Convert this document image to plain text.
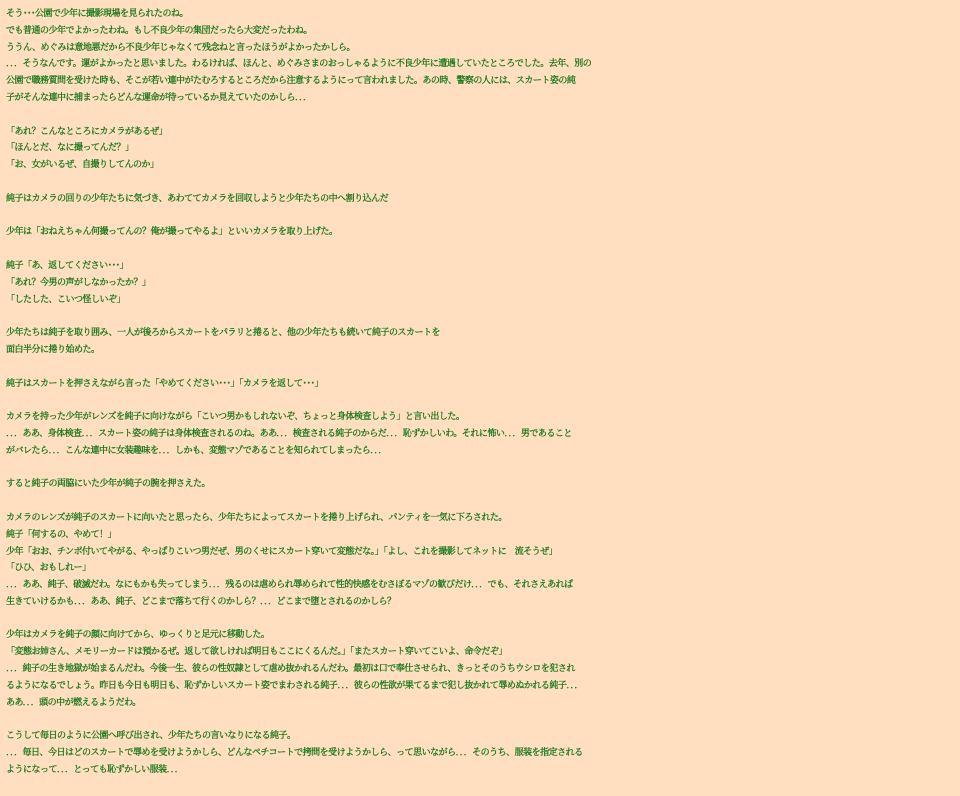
そう･･･公園で少年に撮影現場を見られたのね。
でも普通の少年でよかったわね。もし不良少年の集団だったら大変だったわね。
ううん、めぐみは意地悪だから不良少年じゃなくて残念ねと言ったほうがよかったかしら。
．．．そうなんです。運がよかったと思いました。わるければ、ほんと、めぐみさまのおっしゃるように不良少年に遭遇していたところでした。去年、別の
公園で職務質問を受けた時も、そこが若い連中がたむろするところだから注意するようにって言われました。あの時、警察の人には、スカート姿の純
子がそんな連中に捕まったらどんな運命が待っているか見えていたのかしら．．．
「あれ？こんなところにカメラがあるぜ」
「ほんとだ、なに撮ってんだ？」
「お、女がいるぜ、自撮りしてんのか」
純子はカメラの回りの少年たちに気づき、あわててカメラを回収しようと少年たちの中へ割り込んだ
少年は「おねえちゃん何撮ってんの？俺が撮ってやるよ」といいカメラを取り上げた。
純子「あ、返してください･･･」
「あれ？今男の声がしなかったか？」
「したした、こいつ怪しいぞ」
少年たちは純子を取り囲み、一人が後ろからスカートをパラリと捲ると、他の少年たちも続いて純子のスカートを
面白半分に捲り始めた。
純子はスカートを押さえながら言った「やめてください･･･」「カメラを返して･･･」
カメラを持った少年がレンズを純子に向けながら「こいつ男かもしれないぞ、ちょっと身体検査しよう」と言い出した。
．．．ああ、身体検査．．．スカート姿の純子は身体検査されるのね。ああ．．．検査される純子のからだ．．．恥ずかしいわ。それに怖い．．．男であること
がバレたら．．．こんな連中に女装趣味を．．．しかも、変態マゾであることを知られてしまったら．．．
すると純子の両脇にいた少年が純子の腕を押さえた。
カメラのレンズが純子のスカートに向いたと思ったら、少年たちによってスカートを捲り上げられ、パンティを一気に下ろされた。
純子「何するの、やめて！」
少年「おお、チンポ付いてやがる、やっぱりこいつ男だぜ、男のくせにスカート穿いて変態だな。」「よし、これを撮影してネットに　流そうぜ」
「ひひ、おもしれー」
．．．ああ、純子、破滅だわ。なにもかも失ってしまう．．．残るのは虐められ辱められて性的快感をむさぼるマゾの歓びだけ．．．でも、それさえあれば
生きていけるかも．．．ああ、純子、どこまで落ちて行くのかしら？．．．どこまで堕とされるのかしら？
少年はカメラを純子の顔に向けてから、ゆっくりと足元に移動した。
「変態お姉さん、メモリーカードは預かるぜ。返して欲しければ明日もここにくるんだ。」「またスカート穿いてこいよ、命令だぞ」
．．．純子の生き地獄が始まるんだわ。今後一生、彼らの性奴隷として虐め抜かれるんだわ。最初は口で奉仕させられ、きっとそのうちウシロを犯され
るようになるでしょう。昨日も今日も明日も、恥ずかしいスカート姿でまわされる純子．．．彼らの性欲が果てるまで犯し抜かれて辱めぬかれる純子．．．
ああ．．．頭の中が燃えるようだわ。
こうして毎日のように公園へ呼び出され、少年たちの言いなりになる純子。
．．．毎日、今日はどのスカートで辱めを受けようかしら、どんなペチコートで拷問を受けようかしら、って思いながら．．．そのうち、服装を指定される
ようになって．．．とっても恥ずかしい服装．．．
